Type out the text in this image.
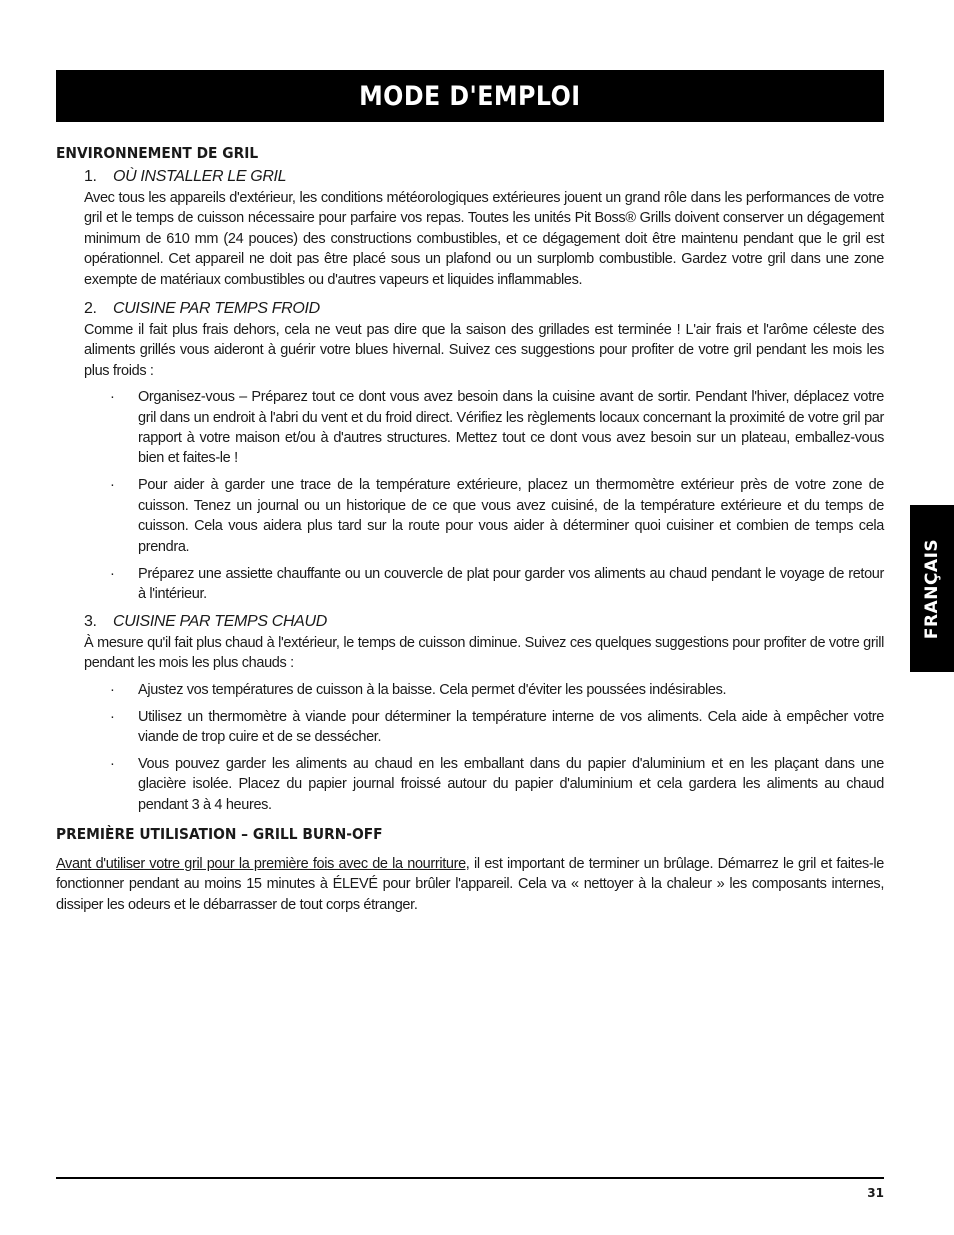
MODE D'EMPLOI
FRANÇAIS
ENVIRONNEMENT DE GRIL
1. OÙ INSTALLER LE GRIL

Avec tous les appareils d'extérieur, les conditions météorologiques extérieures jouent un grand rôle dans les performances de votre gril et le temps de cuisson nécessaire pour parfaire vos repas. Toutes les unités Pit Boss® Grills doivent conserver un dégagement minimum de 610 mm (24 pouces) des constructions combustibles, et ce dégagement doit être maintenu pendant que le gril est opérationnel. Cet appareil ne doit pas être placé sous un plafond ou un surplomb combustible. Gardez votre gril dans une zone exempte de matériaux combustibles ou d'autres vapeurs et liquides inflammables.

2. CUISINE PAR TEMPS FROID

Comme il fait plus frais dehors, cela ne veut pas dire que la saison des grillades est terminée ! L'air frais et l'arôme céleste des aliments grillés vous aideront à guérir votre blues hivernal. Suivez ces suggestions pour profiter de votre gril pendant les mois les plus froids :

· Organisez-vous – Préparez tout ce dont vous avez besoin dans la cuisine avant de sortir. Pendant l'hiver, déplacez votre gril dans un endroit à l'abri du vent et du froid direct. Vérifiez les règlements locaux concernant la proximité de votre gril par rapport à votre maison et/ou à d'autres structures. Mettez tout ce dont vous avez besoin sur un plateau, emballez-vous bien et faites-le !
· Pour aider à garder une trace de la température extérieure, placez un thermomètre extérieur près de votre zone de cuisson. Tenez un journal ou un historique de ce que vous avez cuisiné, de la température extérieure et du temps de cuisson. Cela vous aidera plus tard sur la route pour vous aider à déterminer quoi cuisiner et combien de temps cela prendra.
· Préparez une assiette chauffante ou un couvercle de plat pour garder vos aliments au chaud pendant le voyage de retour à l'intérieur.
3. CUISINE PAR TEMPS CHAUD

À mesure qu'il fait plus chaud à l'extérieur, le temps de cuisson diminue. Suivez ces quelques suggestions pour profiter de votre grill pendant les mois les plus chauds :

· Ajustez vos températures de cuisson à la baisse. Cela permet d'éviter les poussées indésirables.
· Utilisez un thermomètre à viande pour déterminer la température interne de vos aliments. Cela aide à empêcher votre viande de trop cuire et de se dessécher.
· Vous pouvez garder les aliments au chaud en les emballant dans du papier d'aluminium et en les plaçant dans une glacière isolée. Placez du papier journal froissé autour du papier d'aluminium et cela gardera les aliments au chaud pendant 3 à 4 heures.
PREMIÈRE UTILISATION – GRILL BURN-OFF

Avant d'utiliser votre gril pour la première fois avec de la nourriture, il est important de terminer un brûlage. Démarrez le gril et faites-le fonctionner pendant au moins 15 minutes à ÉLEVÉ pour brûler l'appareil. Cela va « nettoyer à la chaleur » les composants internes, dissiper les odeurs et le débarrasser de tout corps étranger.

31
